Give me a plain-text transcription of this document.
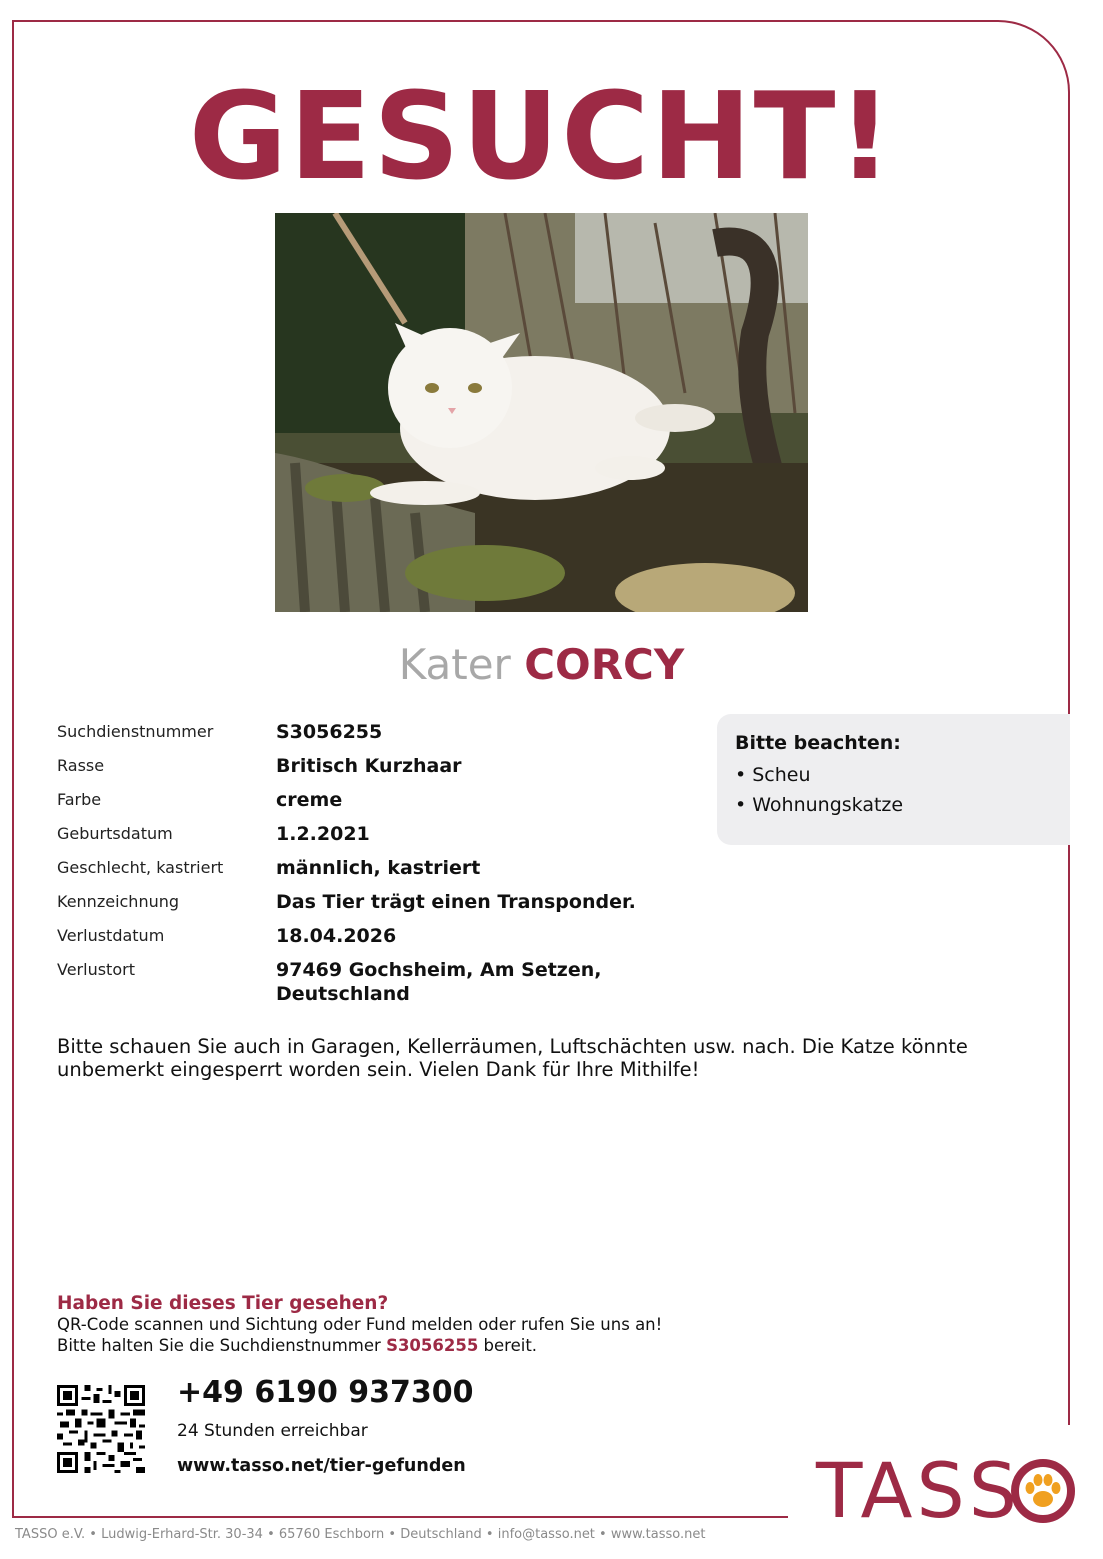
GESUCHT!
Kater CORCY
Suchdienstnummer	S3056255
Rasse	Britisch Kurzhaar
Farbe	creme
Geburtsdatum	1.2.2021
Geschlecht, kastriert	männlich, kastriert
Kennzeichnung	Das Tier trägt einen Transponder.
Verlustdatum	18.04.2026
Verlustort	97469 Gochsheim, Am Setzen,
Deutschland
Bitte beachten:
• Scheu
• Wohnungskatze
Bitte schauen Sie auch in Garagen, Kellerräumen, Luftschächten usw. nach. Die Katze könnte unbemerkt eingesperrt worden sein. Vielen Dank für Ihre Mithilfe!
Haben Sie dieses Tier gesehen?
QR-Code scannen und Sichtung oder Fund melden oder rufen Sie uns an!
Bitte halten Sie die Suchdienstnummer S3056255 bereit.
+49 6190 937300
24 Stunden erreichbar
www.tasso.net/tier-gefunden	TASS
TASSO e.V. • Ludwig-Erhard-Str. 30-34 • 65760 Eschborn • Deutschland • info@tasso.net • www.tasso.net
